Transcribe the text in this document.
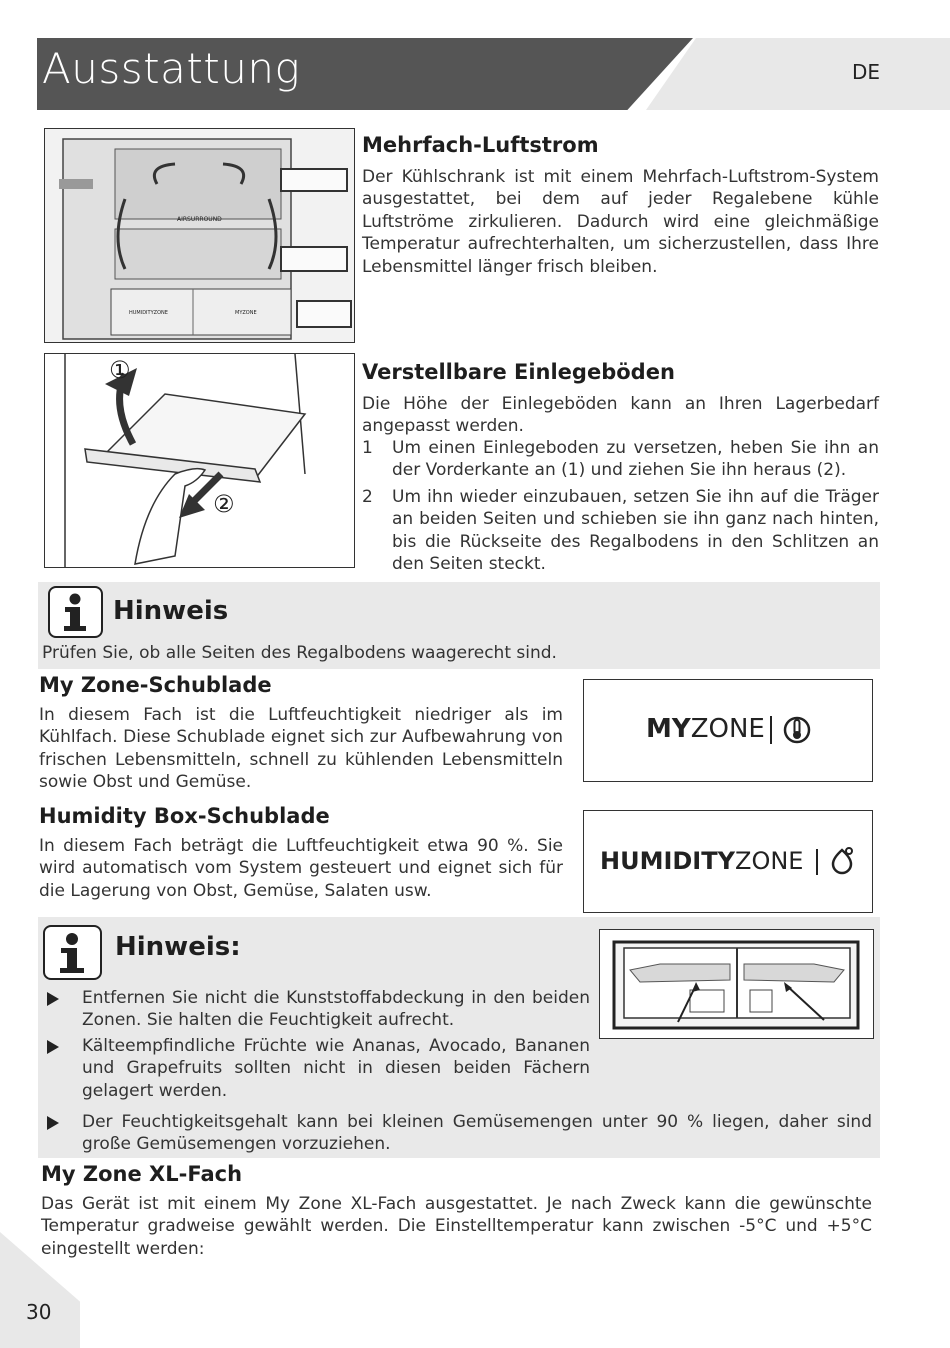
Ausstattung	DE
AIRSURROUND
HUMIDITYZONE	MYZONE
Mehrfach-Luftstrom

Der Kühlschrank ist mit einem Mehrfach-Luftstrom-System ausgestattet, bei dem auf jeder Regalebene kühle Luftströme zirkulieren. Dadurch wird eine gleichmäßige Temperatur aufrechterhalten, um sicherzustellen, dass Ihre Lebensmittel länger frisch bleiben.

①
②
Verstellbare Einlegeböden

Die Höhe der Einlegeböden kann an Ihren Lagerbedarf angepasst werden.

1 Um einen Einlegeboden zu versetzen, heben Sie ihn an der Vorderkante an (1) und ziehen Sie ihn heraus (2).
2 Um ihn wieder einzubauen, setzen Sie ihn auf die Träger an beiden Seiten und schieben sie ihn ganz nach hinten, bis die Rückseite des Regalbodens in den Schlitzen an den Seiten steckt.
Hinweis

Prüfen Sie, ob alle Seiten des Regalbodens waagerecht sind.

My Zone-Schublade

In diesem Fach ist die Luftfeuchtigkeit niedriger als im Kühlfach. Diese Schublade eignet sich zur Aufbewahrung von frischen Lebensmitteln, schnell zu kühlenden Lebensmitteln sowie Obst und Gemüse.

MYZONE
Humidity Box-Schublade

In diesem Fach beträgt die Luftfeuchtigkeit etwa 90 %. Sie wird automatisch vom System gesteuert und eignet sich für die Lagerung von Obst, Gemüse, Salaten usw.

HUMIDITYZONE
Hinweis:
Entfernen Sie nicht die Kunststoffabdeckung in den beiden Zonen. Sie halten die Feuchtigkeit aufrecht.
Kälteempfindliche Früchte wie Ananas, Avocado, Bananen und Grapefruits sollten nicht in diesen beiden Fächern gelagert werden.
Der Feuchtigkeitsgehalt kann bei kleinen Gemüsemengen unter 90 % liegen, daher sind große Gemüsemengen vorzuziehen.
My Zone XL-Fach

Das Gerät ist mit einem My Zone XL-Fach ausgestattet. Je nach Zweck kann die gewünschte Temperatur gradweise gewählt werden. Die Einstelltemperatur kann zwischen -5°C und +5°C eingestellt werden:

30
